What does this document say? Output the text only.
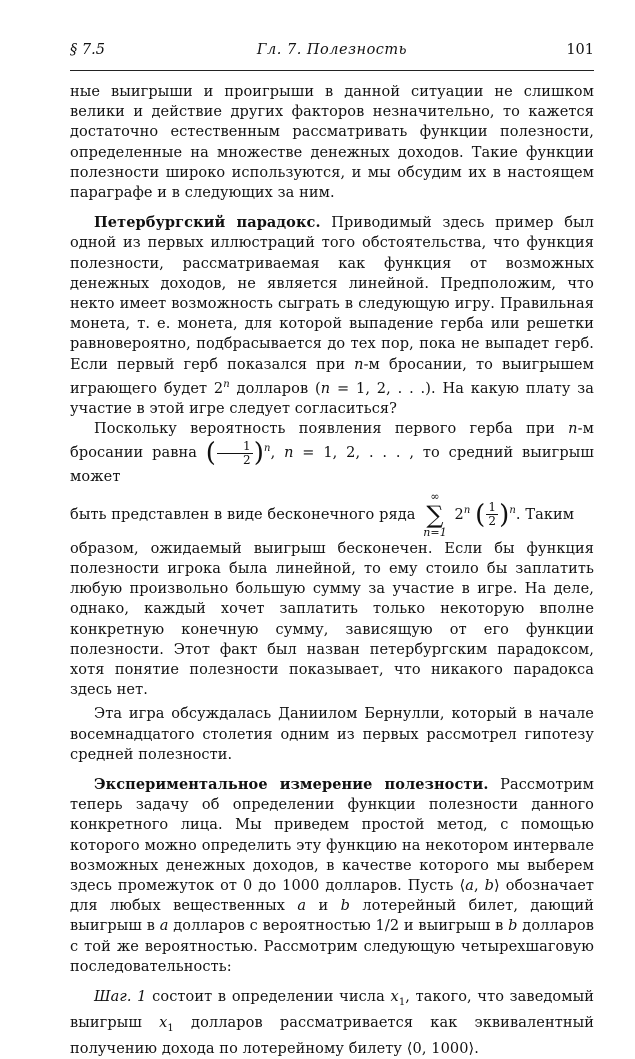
§ 7.5	Гл. 7. Полезность	101

ные выигрыши и проигрыши в данной ситуации не слишком велики и действие других факторов незначительно, то кажется достаточно естественным рассматривать функции полезности, определенные на множестве денежных доходов. Такие функции полезности широко используются, и мы обсудим их в настоящем параграфе и в следующих за ним.

Петербургский парадокс. Приводимый здесь пример был одной из первых иллюстраций того обстоятельства, что функция полезности, рассматриваемая как функция от возможных денежных доходов, не является линейной. Предположим, что некто имеет возможность сыграть в следующую игру. Правильная монета, т. е. монета, для которой выпадение герба или решетки равновероятно, подбрасывается до тех пор, пока не выпадет герб. Если первый герб показался при n-м бросании, то выигрышем играющего будет 2$^n$ долларов (n = 1, 2, . . .). На какую плату за участие в этой игре следует согласиться?

Поскольку вероятность появления первого герба при n-м бросании равна ( $\frac{1}{2} )^n$, n = 1, 2, . . . , то средний выигрыш может

быть представлен в виде бесконечного ряда
∞
∑
n=1
2$^n$ ( $\frac{1}{2} )^n$. Таким

образом, ожидаемый выигрыш бесконечен. Если бы функция полезности игрока была линейной, то ему стоило бы заплатить любую произвольно большую сумму за участие в игре. На деле, однако, каждый хочет заплатить только некоторую вполне конкретную конечную сумму, зависящую от его функции полезности. Этот факт был назван петербургским парадоксом, хотя понятие полезности показывает, что никакого парадокса здесь нет.

Эта игра обсуждалась Даниилом Бернулли, который в начале восемнадцатого столетия одним из первых рассмотрел гипотезу средней полезности.

Экспериментальное измерение полезности. Рассмотрим теперь задачу об определении функции полезности данного конкретного лица. Мы приведем простой метод, с помощью которого можно определить эту функцию на некотором интервале возможных денежных доходов, в качестве которого мы выберем здесь промежуток от 0 до 1000 долларов. Пусть ⟨a, b⟩ обозначает для любых вещественных a и b лотерейный билет, дающий выигрыш в a долларов с вероятностью 1/2 и выигрыш в b долларов с той же вероятностью. Рассмотрим следующую четырехшаговую последовательность:

Шаг. 1 состоит в определении числа $x_1$, такого, что заведомый выигрыш $x_1$ долларов рассматривается как эквивалентный получению дохода по лотерейному билету ⟨0, 1000⟩.
